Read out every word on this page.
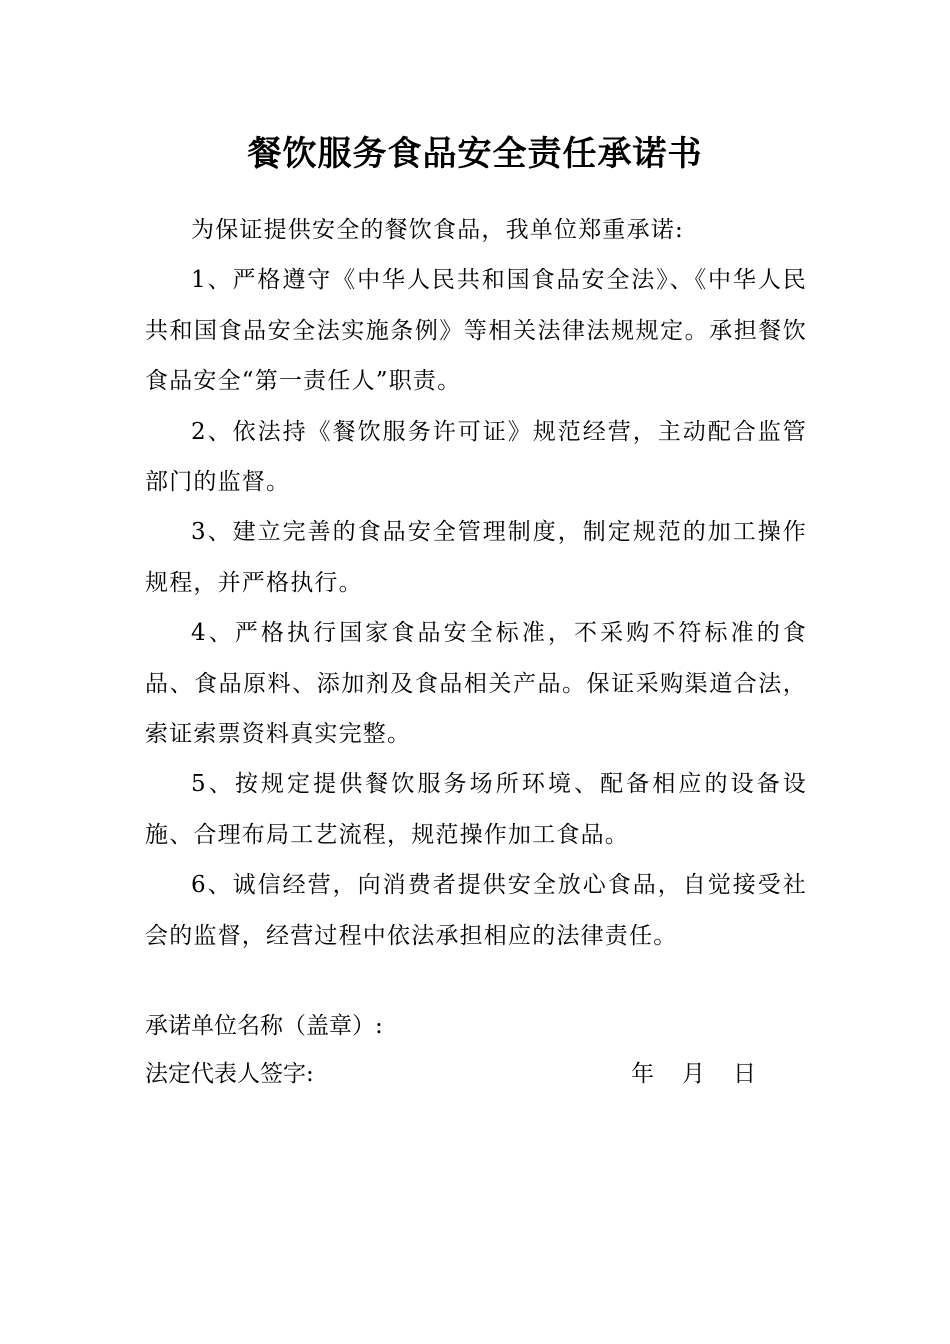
餐饮服务食品安全责任承诺书

为保证提供安全的餐饮食品，我单位郑重承诺:

1、严格遵守《中华人民共和国食品安全法》、《中华人民共和国食品安全法实施条例》等相关法律法规规定。承担餐饮食品安全“第一责任人”职责。

2、依法持《餐饮服务许可证》规范经营，主动配合监管部门的监督。

3、建立完善的食品安全管理制度，制定规范的加工操作规程，并严格执行。

4、严格执行国家食品安全标准，不采购不符标准的食品、食品原料、添加剂及食品相关产品。保证采购渠道合法，索证索票资料真实完整。

5、按规定提供餐饮服务场所环境、配备相应的设备设施、合理布局工艺流程，规范操作加工食品。

6、诚信经营，向消费者提供安全放心食品，自觉接受社会的监督，经营过程中依法承担相应的法律责任。

承诺单位名称（盖章）:
法定代表人签字:	年 月 日
